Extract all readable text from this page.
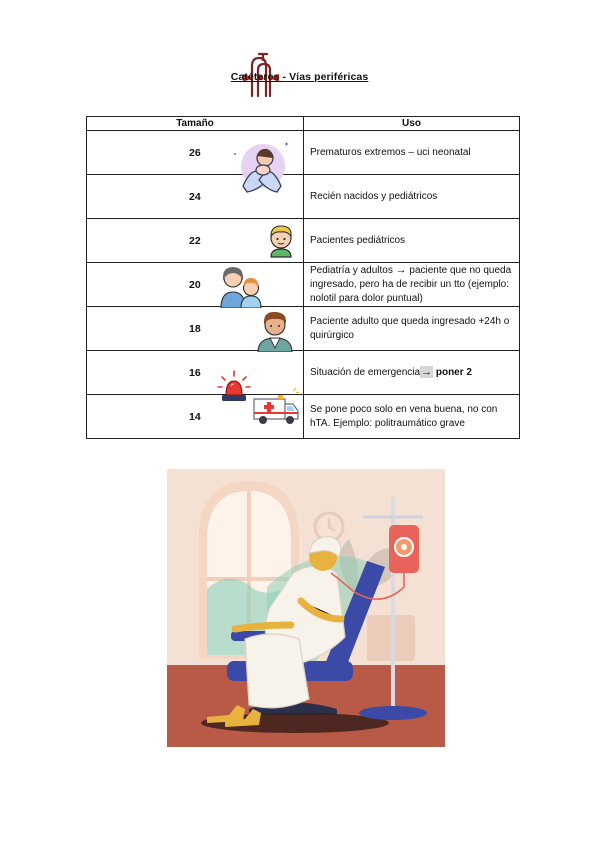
Catéteres - Vías periféricas
Tamaño	Uso

26	Prematuros extremos – uci neonatal

24	Recién nacidos y pediátricos

22	Pacientes pediátricos

20	Pediatría y adultos → paciente que no queda ingresado, pero ha de recibir un tto (ejemplo: nolotil para dolor puntual)

18	Paciente adulto que queda ingresado +24h o quirúrgico

16	Situación de emergencia→ poner 2

14	Se pone poco solo en vena buena, no con hTA. Ejemplo: politraumático grave
